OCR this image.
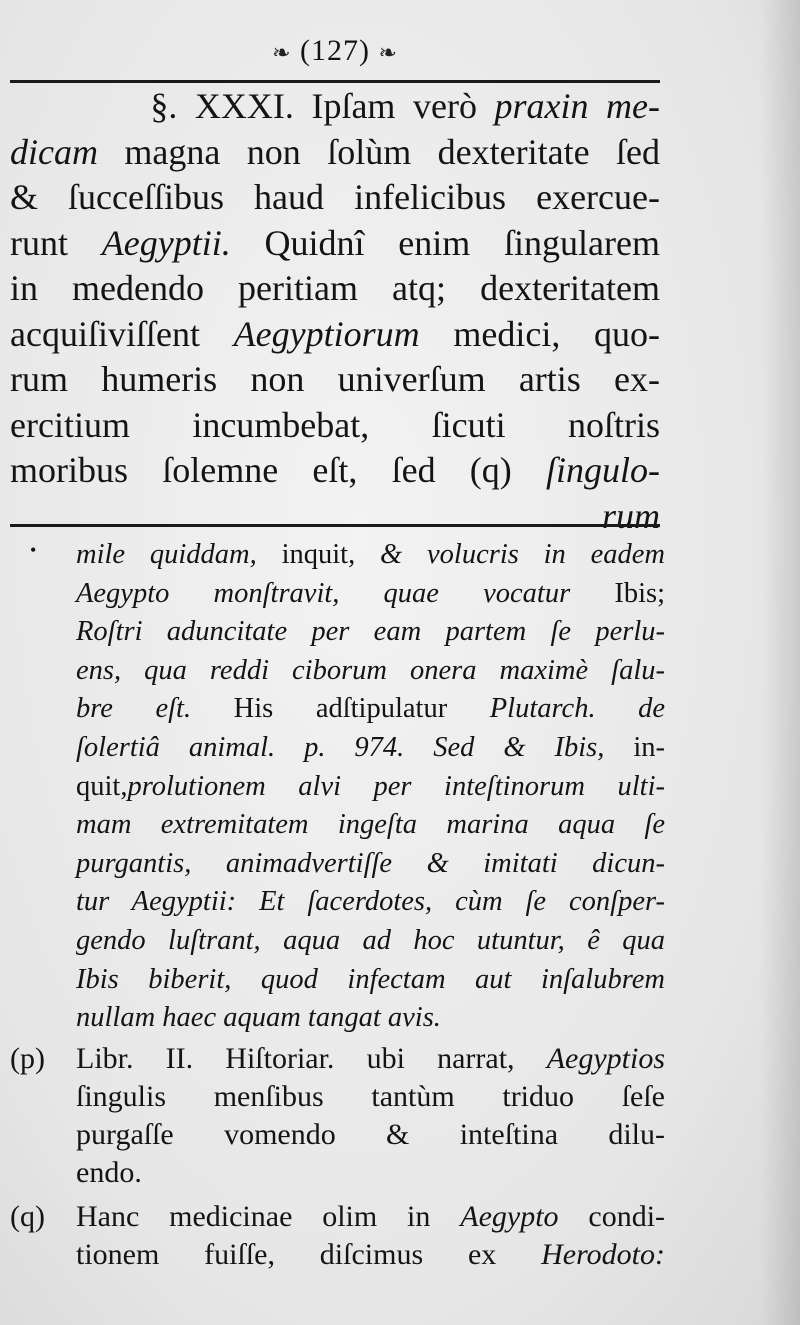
❧ (127) ❧
§. XXXI. Ipſam verò praxin me-
dicam magna non ſolùm dexteritate ſed
& ſucceſſibus haud infelicibus exercue-
runt Aegyptii. Quidnî enim ſingularem
in medendo peritiam atq; dexteritatem
acquiſiviſſent Aegyptiorum medici, quo-
rum humeris non univerſum artis ex-
ercitium incumbebat, ſicuti noſtris
moribus ſolemne eſt, ſed (q) ſingulo-
rum
• mile quiddam, inquit, & volucris in eadem
Aegypto monſtravit, quae vocatur Ibis;
Roſtri aduncitate per eam partem ſe perlu-
ens, qua reddi ciborum onera maximè ſalu-
bre eſt. His adſtipulatur Plutarch. de
ſolertiâ animal. p. 974. Sed & Ibis, in-
quit,prolutionem alvi per inteſtinorum ulti-
mam extremitatem ingeſta marina aqua ſe
purgantis, animadvertiſſe & imitati dicun-
tur Aegyptii: Et ſacerdotes, cùm ſe conſper-
gendo luſtrant, aqua ad hoc utuntur, ê qua
Ibis biberit, quod infectam aut inſalubrem
nullam haec aquam tangat avis.
(p) Libr. II. Hiſtoriar. ubi narrat, Aegyptios
ſingulis menſibus tantùm triduo ſeſe
purgaſſe vomendo & inteſtina dilu-
endo.
(q) Hanc medicinae olim in Aegypto condi-
tionem fuiſſe, diſcimus ex Herodoto:
